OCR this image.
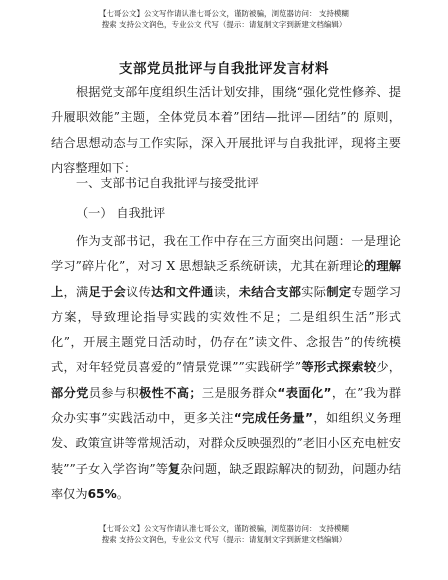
【七哥公文】公文写作请认准七哥公文，谨防被骗，浏览器访问： 支持模糊
搜索 支持公文润色，专业公文 代写（提示：请复制文字到新建文档编辑）
支部党员批评与自我批评发言材料
根据党支部年度组织生活计划安排，围绕“强化党性修养、提升履职效能”主题，全体党员本着”团结—批评—团结”的 原则，结合思想动态与工作实际，深入开展批评与自我批评，现将主要内容整理如下：
一、支部书记自我批评与接受批评
（一） 自我批评
作为支部书记，我在工作中存在三方面突出问题：一是理论学习”碎片化”，对习 X 思想缺乏系统研读，尤其在新理论的理解上，满足于会议传达和文件通读，未结合支部实际制定专题学习方案，导致理论指导实践的实效性不足；二是组织生活”形式化”，开展主题党日活动时，仍存在”读文件、念报告”的传统模式，对年轻党员喜爱的”情景党课””实践研学”等形式探索较少，部分党员参与积极性不高；三是服务群众“表面化”，在”我为群众办实事”实践活动中，更多关注“完成任务量”，如组织义务理发、政策宣讲等常规活动，对群众反映强烈的”老旧小区充电桩安装””子女入学咨询”等复杂问题，缺乏跟踪解决的韧劲，问题办结率仅为65%。
【七哥公文】公文写作请认准七哥公文，谨防被骗，浏览器访问： 支持模糊
搜索 支持公文润色，专业公文 代写（提示：请复制文字到新建文档编辑）
